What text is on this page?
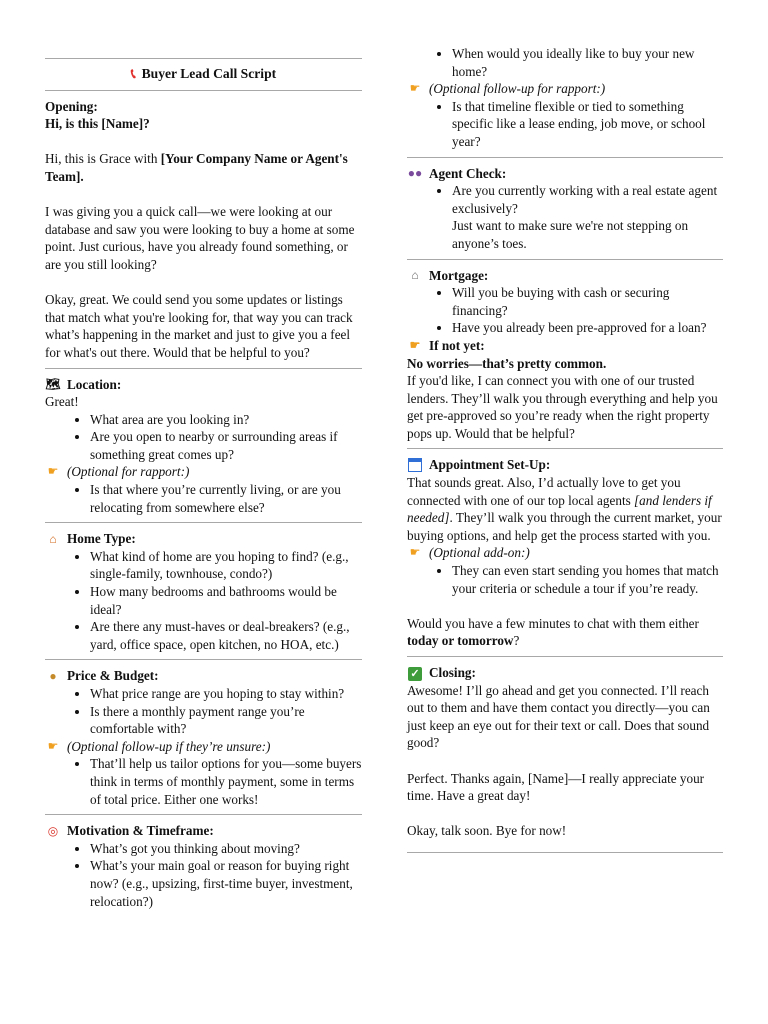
📞︎ Buyer Lead Call Script

Opening:

Hi, is this [Name]?

Hi, this is Grace with [Your Company Name or Agent's Team].

I was giving you a quick call—we were looking at our database and saw you were looking to buy a home at some point. Just curious, have you already found something, or are you still looking?

Okay, great. We could send you some updates or listings that match what you're looking for, that way you can track what’s happening in the market and just to give you a feel for what's out there. Would that be helpful to you?

🗺︎ Location:

Great!

• What area are you looking in?
• Are you open to nearby or surrounding areas if something great comes up?
☛ (Optional for rapport:)
• Is that where you’re currently living, or are you relocating from somewhere else?
⌂ Home Type:
• What kind of home are you hoping to find? (e.g., single-family, townhouse, condo?)
• How many bedrooms and bathrooms would be ideal?
• Are there any must-haves or deal-breakers? (e.g., yard, office space, open kitchen, no HOA, etc.)
● Price & Budget:
• What price range are you hoping to stay within?
• Is there a monthly payment range you’re comfortable with?
☛ (Optional follow-up if they’re unsure:)
• That’ll help us tailor options for you—some buyers think in terms of monthly payment, some in terms of total price. Either one works!
◎ Motivation & Timeframe:
• What’s got you thinking about moving?
• What’s your main goal or reason for buying right now? (e.g., upsizing, first-time buyer, investment, relocation?)
• When would you ideally like to buy your new home?
☛ (Optional follow-up for rapport:)
• Is that timeline flexible or tied to something specific like a lease ending, job move, or school year?
●● Agent Check:
• Are you currently working with a real estate agent exclusively?
Just want to make sure we're not stepping on anyone’s toes.
⌂ Mortgage:
• Will you be buying with cash or securing financing?
• Have you already been pre-approved for a loan?
☛ If not yet:

No worries—that’s pretty common.

If you'd like, I can connect you with one of our trusted lenders. They’ll walk you through everything and help you get pre-approved so you’re ready when the right property pops up. Would that be helpful?

Appointment Set-Up:

That sounds great. Also, I’d actually love to get you connected with one of our top local agents [and lenders if needed]. They’ll walk you through the current market, your buying options, and help get the process started with you.

☛ (Optional add-on:)
• They can even start sending you homes that match your criteria or schedule a tour if you’re ready.

Would you have a few minutes to chat with them either today or tomorrow?

✓ Closing:

Awesome! I’ll go ahead and get you connected. I’ll reach out to them and have them contact you directly—you can just keep an eye out for their text or call. Does that sound good?

Perfect. Thanks again, [Name]—I really appreciate your time. Have a great day!

Okay, talk soon. Bye for now!
